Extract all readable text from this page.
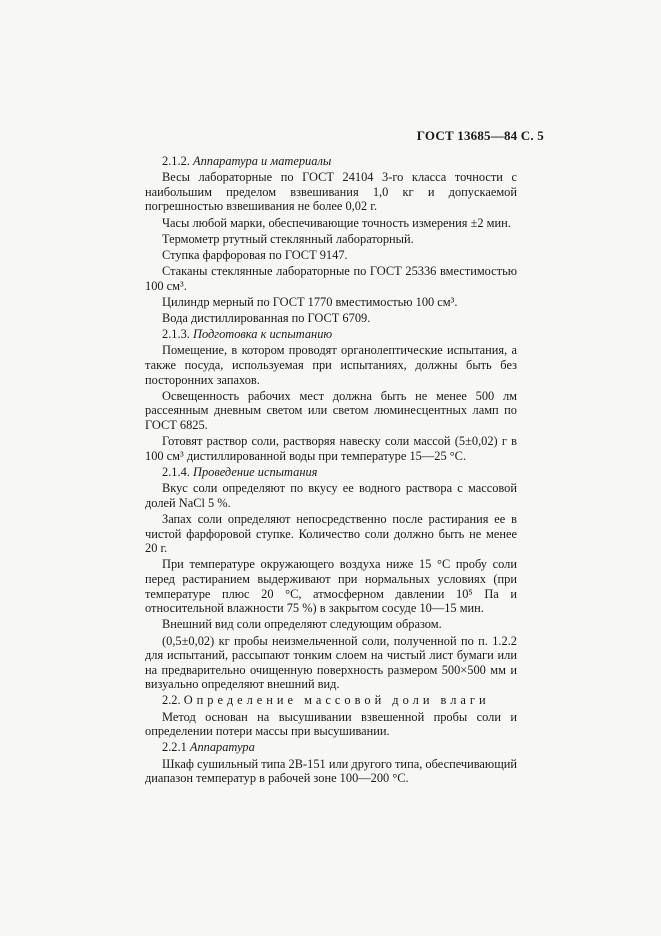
ГОСТ 13685—84 С. 5

2.1.2. Аппаратура и материалы

Весы лабораторные по ГОСТ 24104 3-го класса точности с наибольшим пределом взвешивания 1,0 кг и допускаемой погрешностью взвешивания не более 0,02 г.

Часы любой марки, обеспечивающие точность измерения ±2 мин.

Термометр ртутный стеклянный лабораторный.

Ступка фарфоровая по ГОСТ 9147.

Стаканы стеклянные лабораторные по ГОСТ 25336 вместимостью 100 см³.

Цилиндр мерный по ГОСТ 1770 вместимостью 100 см³.

Вода дистиллированная по ГОСТ 6709.

2.1.3. Подготовка к испытанию

Помещение, в котором проводят органолептические испытания, а также посуда, используемая при испытаниях, должны быть без посторонних запахов.

Освещенность рабочих мест должна быть не менее 500 лм рассеянным дневным светом или светом люминесцентных ламп по ГОСТ 6825.

Готовят раствор соли, растворяя навеску соли массой (5±0,02) г в 100 см³ дистиллированной воды при температуре 15—25 °С.

2.1.4. Проведение испытания

Вкус соли определяют по вкусу ее водного раствора с массовой долей NaCl 5 %.

Запах соли определяют непосредственно после растирания ее в чистой фарфоровой ступке. Количество соли должно быть не менее 20 г.

При температуре окружающего воздуха ниже 15 °С пробу соли перед растиранием выдерживают при нормальных условиях (при температуре плюс 20 °С, атмосферном давлении 10⁵ Па и относительной влажности 75 %) в закрытом сосуде 10—15 мин.

Внешний вид соли определяют следующим образом.

(0,5±0,02) кг пробы неизмельченной соли, полученной по п. 1.2.2 для испытаний, рассыпают тонким слоем на чистый лист бумаги или на предварительно очищенную поверхность размером 500×500 мм и визуально определяют внешний вид.

2.2. Определение массовой доли влаги

Метод основан на высушивании взвешенной пробы соли и определении потери массы при высушивании.

2.2.1 Аппаратура

Шкаф сушильный типа 2В-151 или другого типа, обеспечивающий диапазон температур в рабочей зоне 100—200 °С.
